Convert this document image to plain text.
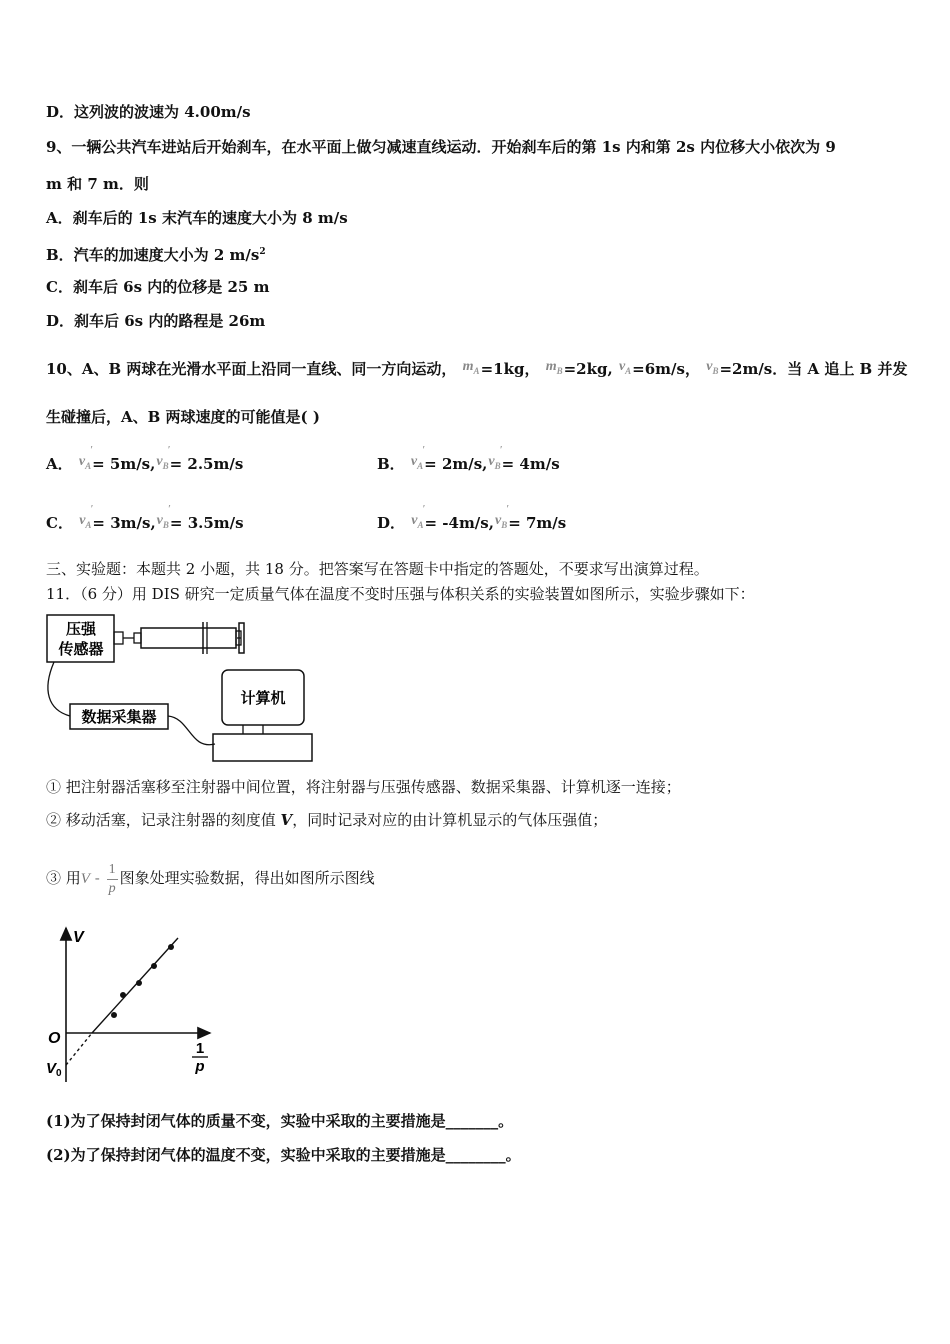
D．这列波的波速为 4.00m/s
9、一辆公共汽车进站后开始刹车，在水平面上做匀减速直线运动．开始刹车后的第 1s 内和第 2s 内位移大小依次为 9
m 和 7 m．则
A．刹车后的 1s 末汽车的速度大小为 8 m/s
B．汽车的加速度大小为 2 $m/s^2$
C．刹车后 6s 内的位移是 25 m
D．刹车后 6s 内的路程是 26m
10、A、B 两球在光滑水平面上沿同一直线、同一方向运动， $m_A=1kg$， $m_B=2kg$, $v_A=6m/s$， $v_B=2m/s$．当 A 追上 B 并发
生碰撞后，A、B 两球速度的可能值是( )
A． $v_A$
′
= $5m/s,v_B$
′
= 2.5m/s	B． $v_A$
′
= $2m/s,v_B$
′
= 4m/s
C． $v_A$
′
= $3m/s,v_B$
′
= 3.5m/s	D． $v_A$
′
= $-4m/s,v_B$
′
= 7m/s
三、实验题：本题共 2 小题，共 18 分。把答案写在答题卡中指定的答题处，不要求写出演算过程。
11．（6 分）用 DIS 研究一定质量气体在温度不变时压强与体积关系的实验装置如图所示，实验步骤如下：
压强
传感器
数据采集器
计算机
① 把注射器活塞移至注射器中间位置，将注射器与压强传感器、数据采集器、计算机逐一连接；
② 移动活塞，记录注射器的刻度值 V，同时记录对应的由计算机显示的气体压强值；
③ 用V - $\frac{1}{p}$ 图象处理实验数据，得出如图所示图线
V
O
$V_0$
1
p
(1)为了保持封闭气体的质量不变，实验中采取的主要措施是_______。
(2)为了保持封闭气体的温度不变，实验中采取的主要措施是________。
